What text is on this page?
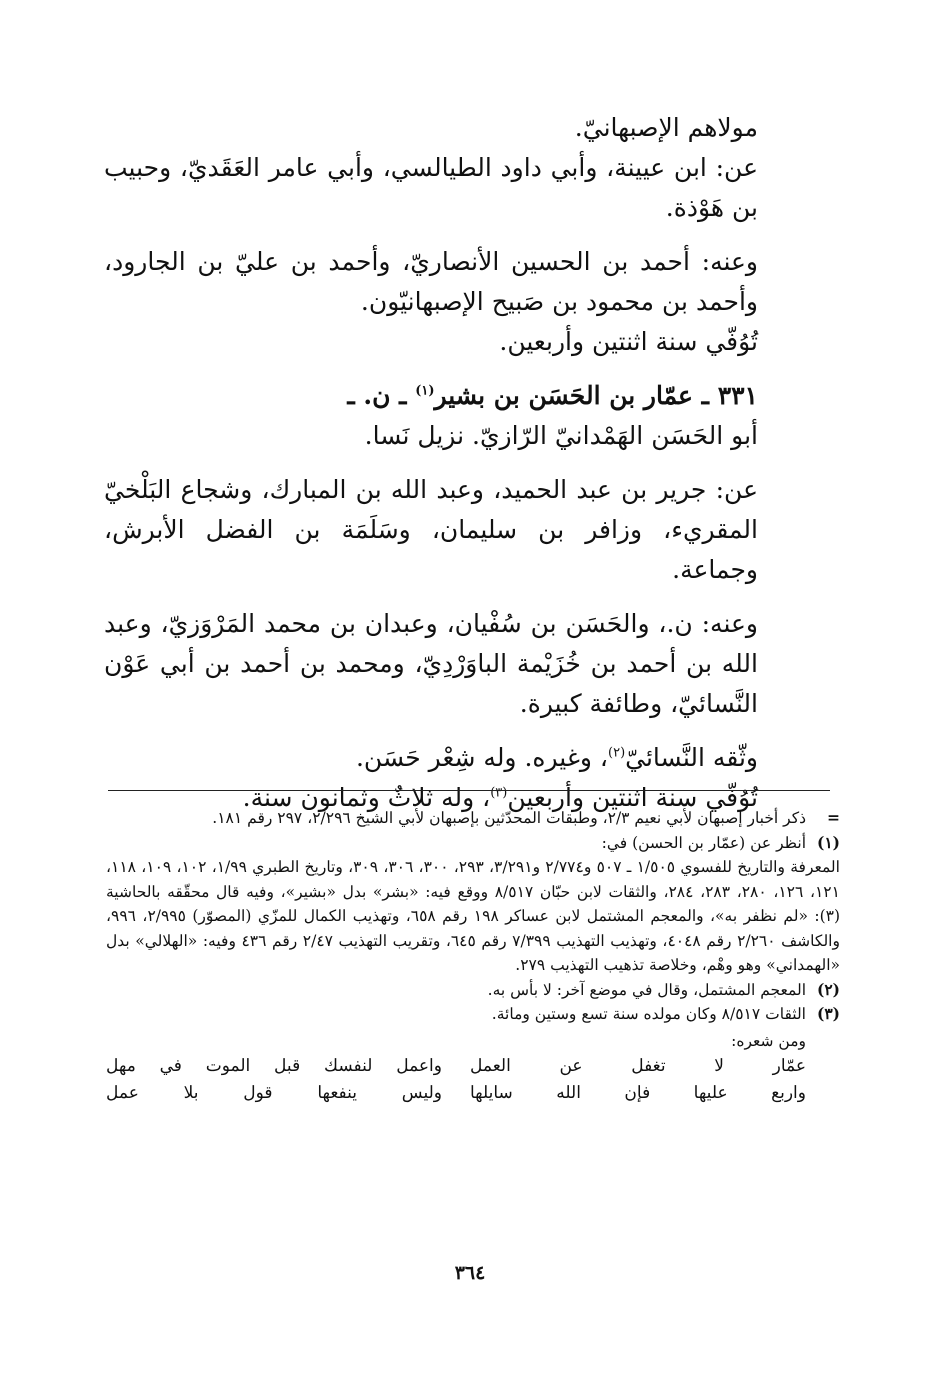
مولاهم الإصبهانيّ.

عن: ابن عيينة، وأبي داود الطيالسي، وأبي عامر العَقَديّ، وحبيب بن هَوْذة.

وعنه: أحمد بن الحسين الأنصاريّ، وأحمد بن عليّ بن الجارود، وأحمد بن محمود بن صَبيح الإصبهانيّون.

تُوُفّي سنة اثنتين وأربعين.

٣٣١ ـ عمّار بن الحَسَن بن بشير$^{(١)}$ ـ ن. ـ

أبو الحَسَن الهَمْدانيّ الرّازيّ. نزيل نَسا.

عن: جرير بن عبد الحميد، وعبد الله بن المبارك، وشجاع البَلْخيّ المقريء، وزافر بن سليمان، وسَلَمَة بن الفضل الأبرش، وجماعة.

وعنه: ن.، والحَسَن بن سُفْيان، وعبدان بن محمد المَرْوَزيّ، وعبد الله بن أحمد بن خُزَيْمة الباوَرْدِيّ، ومحمد بن أحمد بن أبي عَوْن النَّسائيّ، وطائفة كبيرة.

وثّقه النَّسائيّ$^{(٢)}$، وغيره. وله شِعْر حَسَن.

تُوُفّي سنة اثنتين وأربعين$^{(٣)}$، وله ثلاثٌ وثمانون سنة.

=
ذكر أخبار إصبهان لأبي نعيم ٢/٣، وطبقات المحدّثين بإصبهان لأبي الشيخ ٢/٢٩٦، ٢٩٧ رقم ١٨١.
(١)
أنظر عن (عمّار بن الحسن) في:
المعرفة والتاريخ للفسوي ١/٥٠٥ ـ ٥٠٧ و٢/٧٧٤ و٣/٢٩١، ٢٩٣، ٣٠٠، ٣٠٦، ٣٠٩، وتاريخ الطبري ١/٩٩، ١٠٢، ١٠٩، ١١٨، ١٢١، ١٢٦، ٢٨٠، ٢٨٣، ٢٨٤، والثقات لابن حبّان ٨/٥١٧ ووقع فيه: «بشر» بدل «بشير»، وفيه قال محقّقه بالحاشية (٣): «لم نظفر به»، والمعجم المشتمل لابن عساكر ١٩٨ رقم ٦٥٨، وتهذيب الكمال للمزّي (المصوّر) ٢/٩٩٥، ٩٩٦، والكاشف ٢/٢٦٠ رقم ٤٠٤٨، وتهذيب التهذيب ٧/٣٩٩ رقم ٦٤٥، وتقريب التهذيب ٢/٤٧ رقم ٤٣٦ وفيه: «الهلالي» بدل «الهمداني» وهو وهْم، وخلاصة تذهيب التهذيب ٢٧٩.
(٢)
المعجم المشتمل، وقال في موضع آخر: لا بأس به.
(٣)
الثقات ٨/٥١٧ وكان مولده سنة تسع وستين ومائة.
ومن شعره:
عمّار لا تغفل عن العمل
واعمل لنفسك قبل الموت في مهل
واربع عليها فإن الله سايلها
وليس ينفعها قول بلا عمل
٣٦٤
